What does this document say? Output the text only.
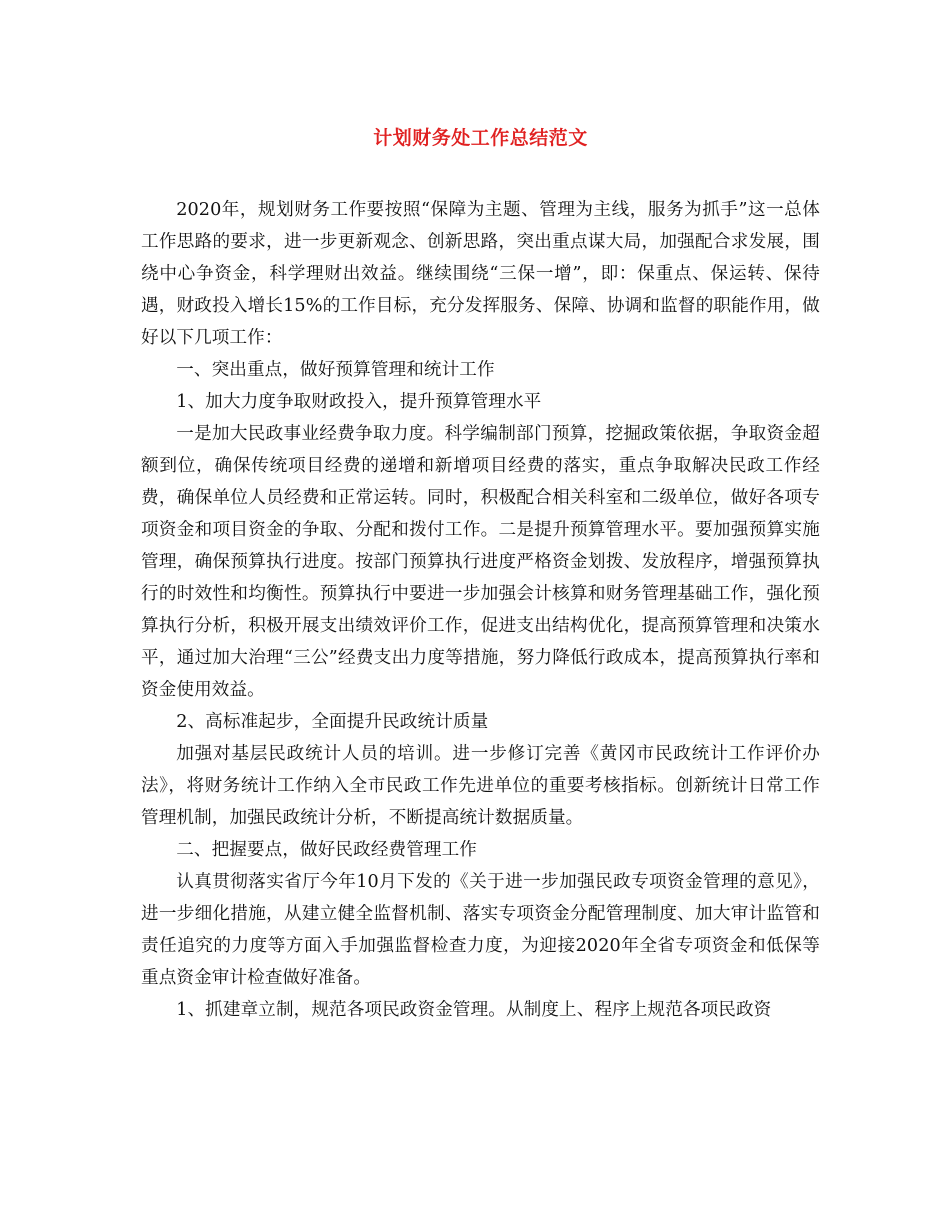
计划财务处工作总结范文

2020年，规划财务工作要按照“保障为主题、管理为主线，服务为抓手”这一总体工作思路的要求，进一步更新观念、创新思路，突出重点谋大局，加强配合求发展，围绕中心争资金，科学理财出效益。继续围绕“三保一增”，即：保重点、保运转、保待遇，财政投入增长15%的工作目标，充分发挥服务、保障、协调和监督的职能作用，做好以下几项工作：

一、突出重点，做好预算管理和统计工作

1、加大力度争取财政投入，提升预算管理水平

一是加大民政事业经费争取力度。科学编制部门预算，挖掘政策依据，争取资金超额到位，确保传统项目经费的递增和新增项目经费的落实，重点争取解决民政工作经费，确保单位人员经费和正常运转。同时，积极配合相关科室和二级单位，做好各项专项资金和项目资金的争取、分配和拨付工作。二是提升预算管理水平。要加强预算实施管理，确保预算执行进度。按部门预算执行进度严格资金划拨、发放程序，增强预算执行的时效性和均衡性。预算执行中要进一步加强会计核算和财务管理基础工作，强化预算执行分析，积极开展支出绩效评价工作，促进支出结构优化，提高预算管理和决策水平，通过加大治理“三公”经费支出力度等措施，努力降低行政成本，提高预算执行率和资金使用效益。

2、高标准起步，全面提升民政统计质量

加强对基层民政统计人员的培训。进一步修订完善《黄冈市民政统计工作评价办法》，将财务统计工作纳入全市民政工作先进单位的重要考核指标。创新统计日常工作管理机制，加强民政统计分析，不断提高统计数据质量。

二、把握要点，做好民政经费管理工作

认真贯彻落实省厅今年10月下发的《关于进一步加强民政专项资金管理的意见》，进一步细化措施，从建立健全监督机制、落实专项资金分配管理制度、加大审计监管和责任追究的力度等方面入手加强监督检查力度，为迎接2020年全省专项资金和低保等重点资金审计检查做好准备。

1、抓建章立制，规范各项民政资金管理。从制度上、程序上规范各项民政资
